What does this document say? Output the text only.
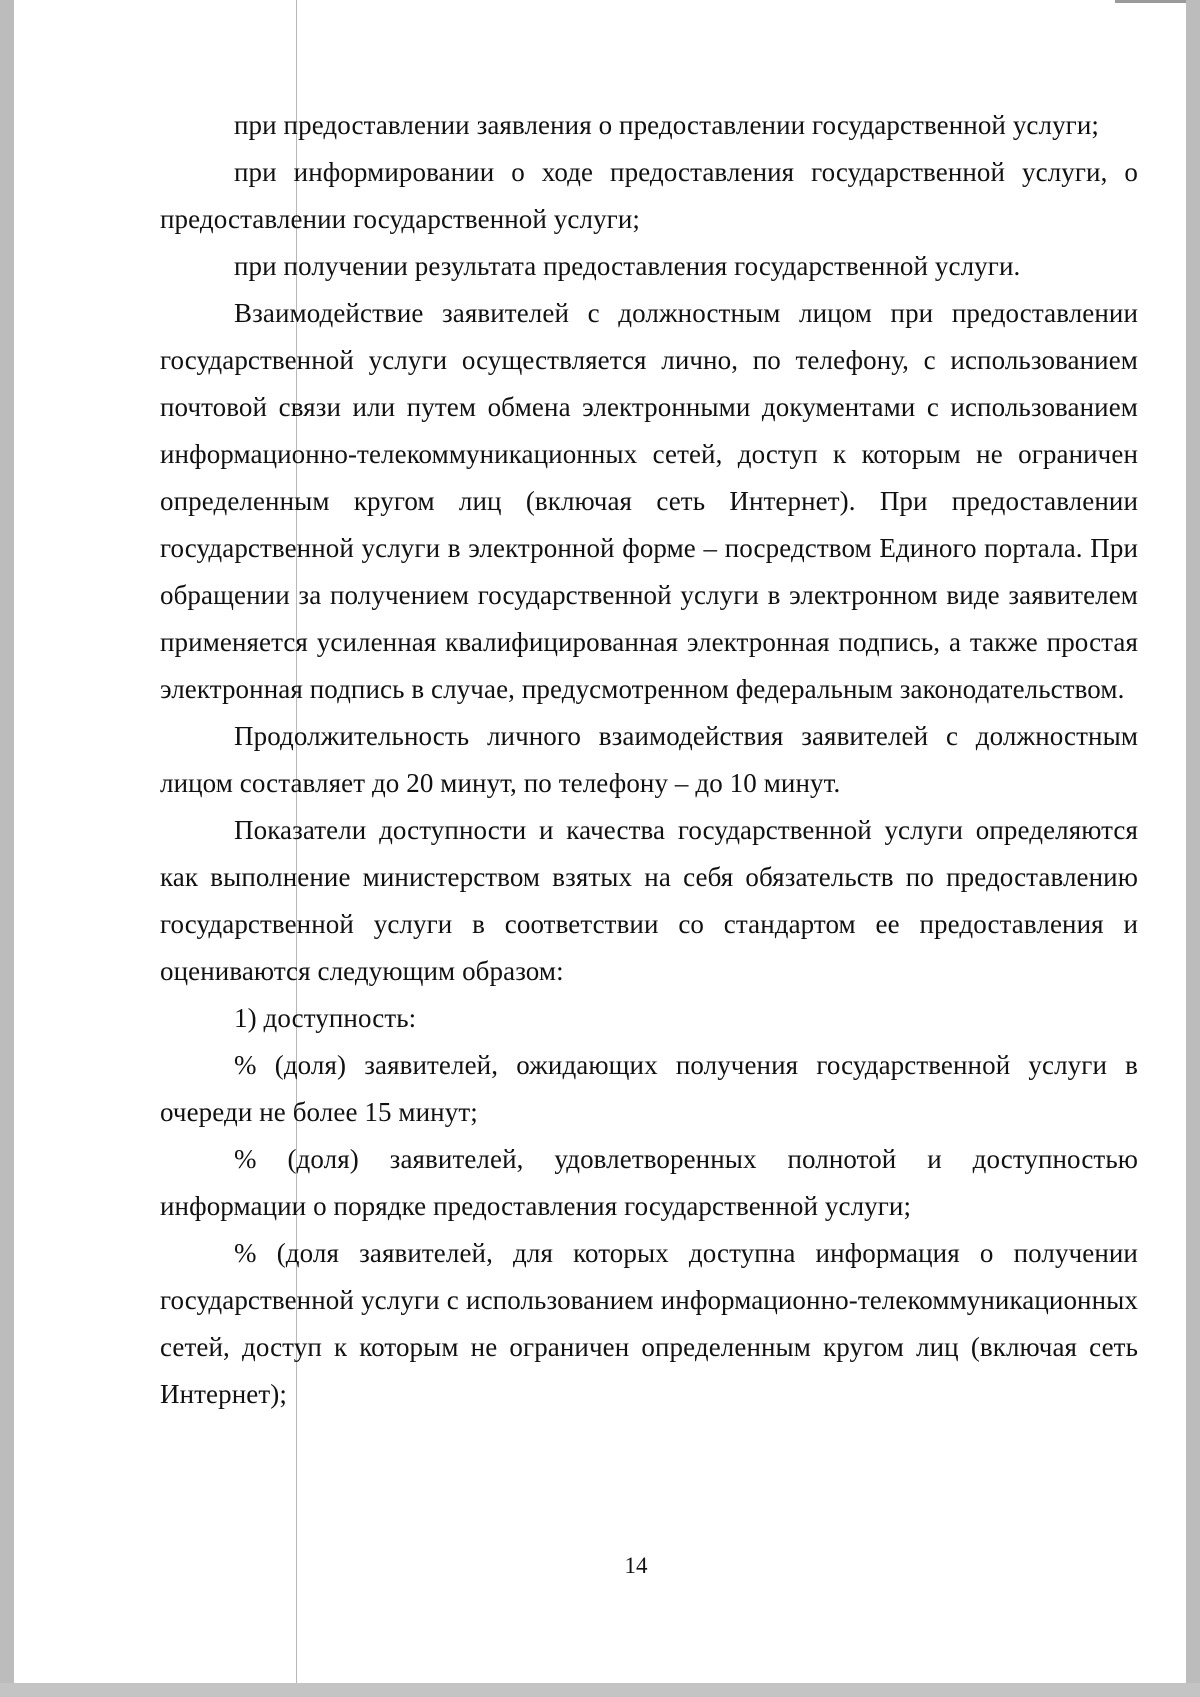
при предоставлении заявления о предоставлении государственной услуги;

при информировании о ходе предоставления государственной услуги, о предоставлении государственной услуги;

при получении результата предоставления государственной услуги.

Взаимодействие заявителей с должностным лицом при предоставлении государственной услуги осуществляется лично, по телефону, с использованием почтовой связи или путем обмена электронными документами с использованием информационно-телекоммуникационных сетей, доступ к которым не ограничен определенным кругом лиц (включая сеть Интернет). При предоставлении государственной услуги в электронной форме – посредством Единого портала. При обращении за получением государственной услуги в электронном виде заявителем применяется усиленная квалифицированная электронная подпись, а также простая электронная подпись в случае, предусмотренном федеральным законодательством.

Продолжительность личного взаимодействия заявителей с должностным лицом составляет до 20 минут, по телефону – до 10 минут.

Показатели доступности и качества государственной услуги определяются как выполнение министерством взятых на себя обязательств по предоставлению государственной услуги в соответствии со стандартом ее предоставления и оцениваются следующим образом:

1) доступность:

% (доля) заявителей, ожидающих получения государственной услуги в очереди не более 15 минут;

% (доля) заявителей, удовлетворенных полнотой и доступностью информации о порядке предоставления государственной услуги;

% (доля заявителей, для которых доступна информация о получении государственной услуги с использованием информационно-телекоммуникационных сетей, доступ к которым не ограничен определенным кругом лиц (включая сеть Интернет);

14
